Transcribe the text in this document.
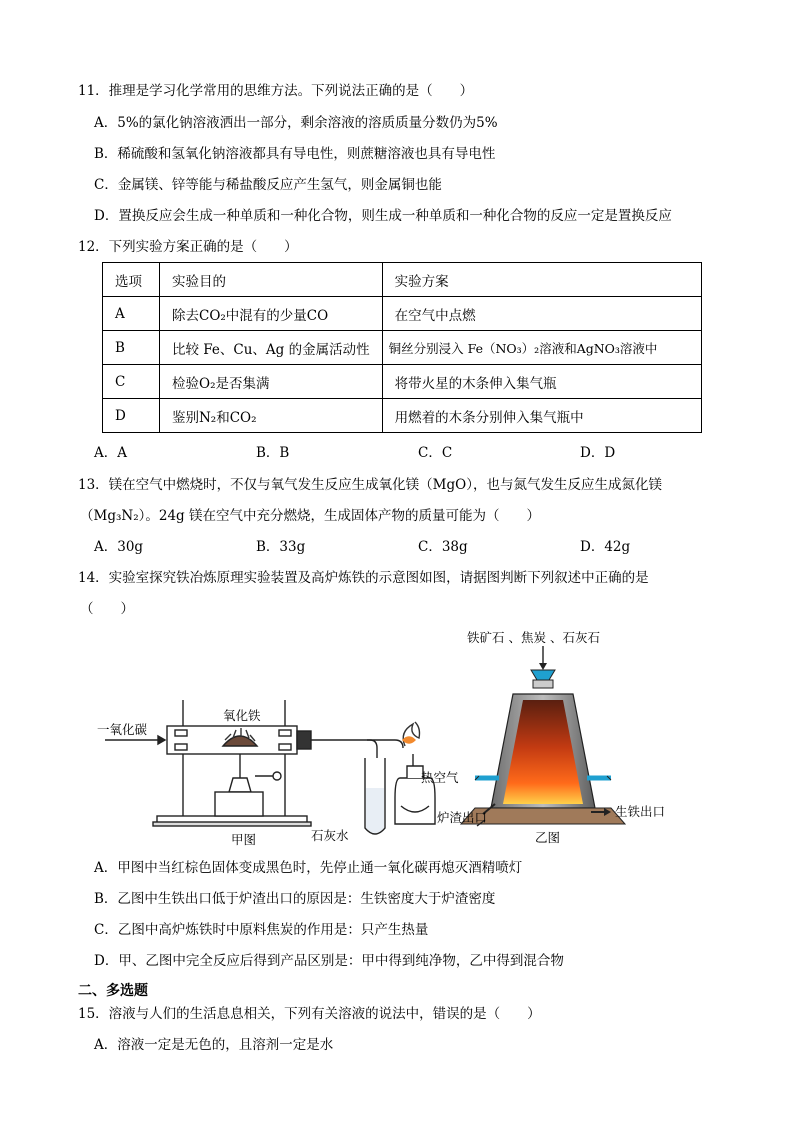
11．推理是学习化学常用的思维方法。下列说法正确的是（　　）
A．5%的氯化钠溶液洒出一部分，剩余溶液的溶质质量分数仍为5%
B．稀硫酸和氢氧化钠溶液都具有导电性，则蔗糖溶液也具有导电性
C．金属镁、锌等能与稀盐酸反应产生氢气，则金属铜也能
D．置换反应会生成一种单质和一种化合物，则生成一种单质和一种化合物的反应一定是置换反应
12．下列实验方案正确的是（　　）
选项	实验目的	实验方案
A	除去CO₂中混有的少量CO	在空气中点燃
B	比较 Fe、Cu、Ag 的金属活动性	铜丝分别浸入 Fe（NO₃）₂溶液和AgNO₃溶液中
C	检验O₂是否集满	将带火星的木条伸入集气瓶
D	鉴别N₂和CO₂	用燃着的木条分别伸入集气瓶中
A．A	B．B	C．C	D．D
13．镁在空气中燃烧时，不仅与氧气发生反应生成氧化镁（MgO），也与氮气发生反应生成氮化镁
（Mg₃N₂）。24g 镁在空气中充分燃烧，生成固体产物的质量可能为（　　）
A．30g	B．33g	C．38g	D．42g
14．实验室探究铁冶炼原理实验装置及高炉炼铁的示意图如图，请据图判断下列叙述中正确的是
（　　）
一氧化碳
氧化铁
石灰水
甲图
铁矿石 、焦炭 、石灰石
热空气
炉渣出口	生铁出口
乙图
A．甲图中当红棕色固体变成黑色时，先停止通一氧化碳再熄灭酒精喷灯
B．乙图中生铁出口低于炉渣出口的原因是：生铁密度大于炉渣密度
C．乙图中高炉炼铁时中原料焦炭的作用是：只产生热量
D．甲、乙图中完全反应后得到产品区别是：甲中得到纯净物，乙中得到混合物
二、多选题
15．溶液与人们的生活息息相关，下列有关溶液的说法中，错误的是（　　）
A．溶液一定是无色的，且溶剂一定是水
